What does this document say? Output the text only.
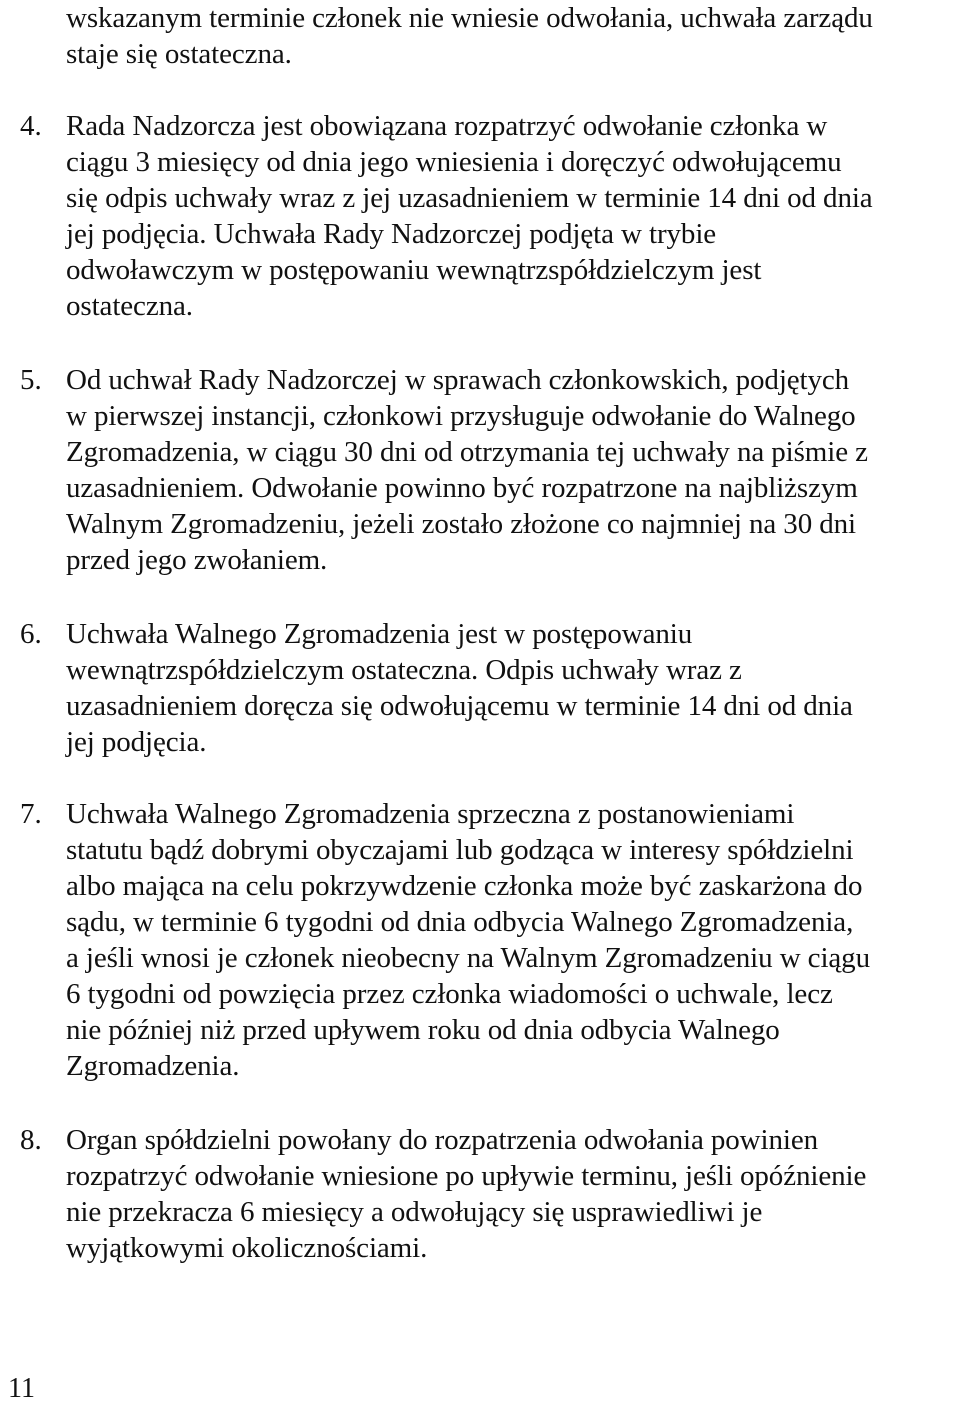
wskazanym terminie członek nie wniesie odwołania, uchwała zarządu
staje się ostateczna.
4. Rada Nadzorcza jest obowiązana rozpatrzyć odwołanie członka w
ciągu 3 miesięcy od dnia jego wniesienia i doręczyć odwołującemu
się odpis uchwały wraz z jej uzasadnieniem w terminie 14 dni od dnia
jej podjęcia. Uchwała Rady Nadzorczej podjęta w trybie
odwoławczym w postępowaniu wewnątrzspółdzielczym jest
ostateczna.
5. Od uchwał Rady Nadzorczej w sprawach członkowskich, podjętych
w pierwszej instancji, członkowi przysługuje odwołanie do Walnego
Zgromadzenia, w ciągu 30 dni od otrzymania tej uchwały na piśmie z
uzasadnieniem. Odwołanie powinno być rozpatrzone na najbliższym
Walnym Zgromadzeniu, jeżeli zostało złożone co najmniej na 30 dni
przed jego zwołaniem.
6. Uchwała Walnego Zgromadzenia jest w postępowaniu
wewnątrzspółdzielczym ostateczna. Odpis uchwały wraz z
uzasadnieniem doręcza się odwołującemu w terminie 14 dni od dnia
jej podjęcia.
7. Uchwała Walnego Zgromadzenia sprzeczna z postanowieniami
statutu bądź dobrymi obyczajami lub godząca w interesy spółdzielni
albo mająca na celu pokrzywdzenie członka może być zaskarżona do
sądu, w terminie 6 tygodni od dnia odbycia Walnego Zgromadzenia,
a jeśli wnosi je członek nieobecny na Walnym Zgromadzeniu w ciągu
6 tygodni od powzięcia przez członka wiadomości o uchwale, lecz
nie później niż przed upływem roku od dnia odbycia Walnego
Zgromadzenia.
8. Organ spółdzielni powołany do rozpatrzenia odwołania powinien
rozpatrzyć odwołanie wniesione po upływie terminu, jeśli opóźnienie
nie przekracza 6 miesięcy a odwołujący się usprawiedliwi je
wyjątkowymi okolicznościami.
11
